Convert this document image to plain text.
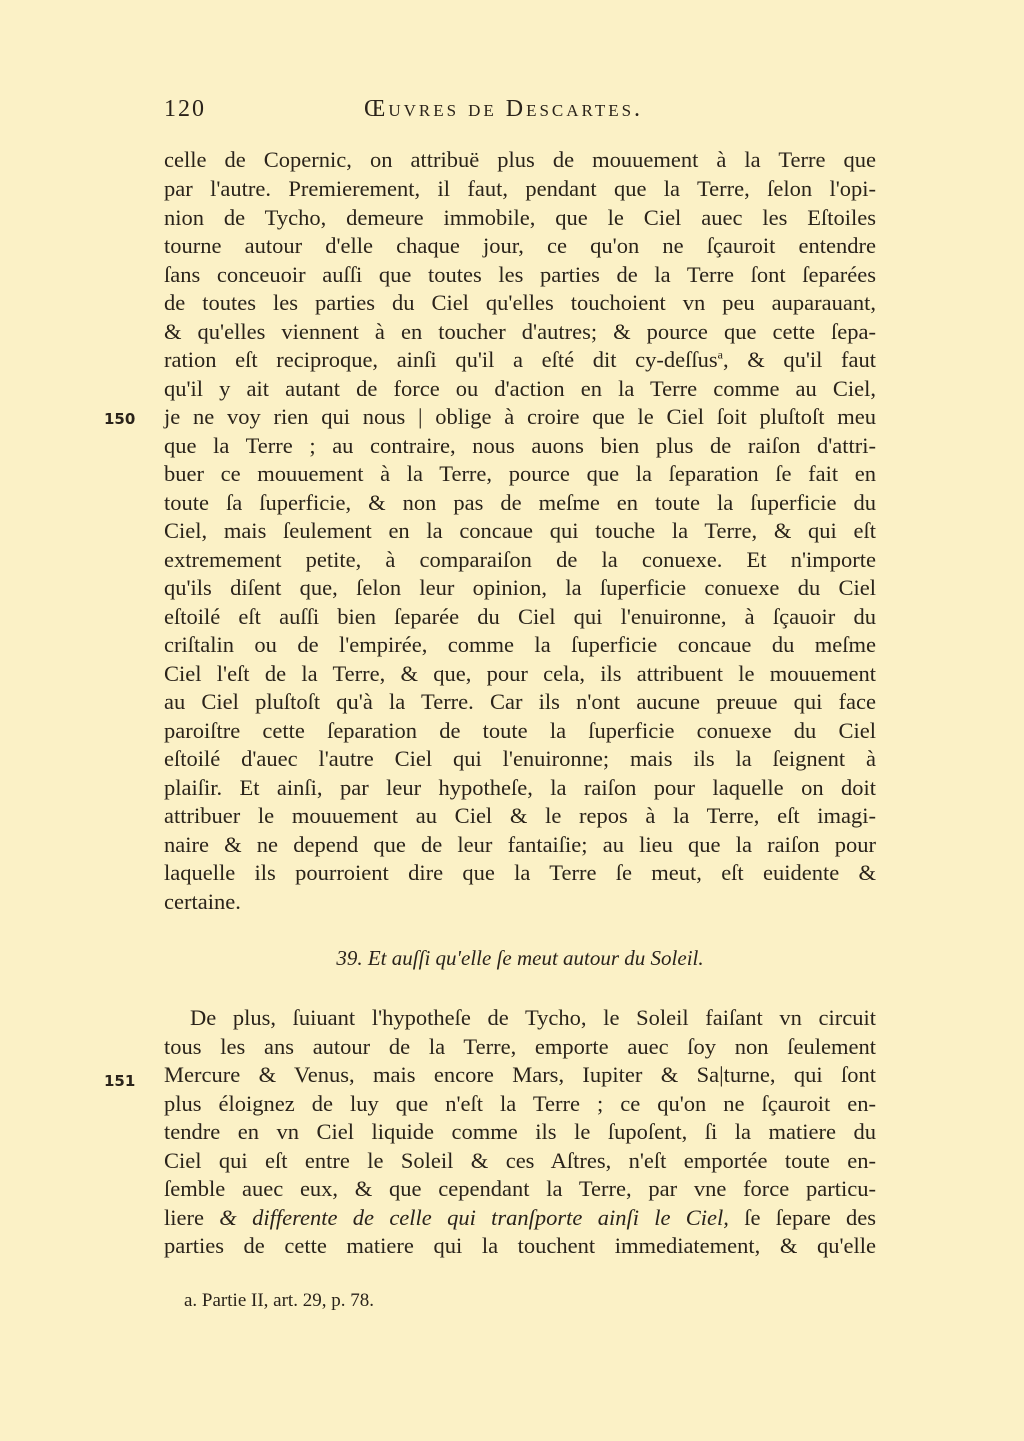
120	Œuvres de Descartes.
celle de Copernic, on attribuë plus de mouuement à la Terre que
par l'autre. Premierement, il faut, pendant que la Terre, ſelon l'opi-
nion de Tycho, demeure immobile, que le Ciel auec les Eſtoiles
tourne autour d'elle chaque jour, ce qu'on ne ſçauroit entendre
ſans conceuoir auſſi que toutes les parties de la Terre ſont ſeparées
de toutes les parties du Ciel qu'elles touchoient vn peu auparauant,
& qu'elles viennent à en toucher d'autres; & pource que cette ſepa-
ration eſt reciproque, ainſi qu'il a eſté dit cy-deſſus$^a$, & qu'il faut
qu'il y ait autant de force ou d'action en la Terre comme au Ciel,
je ne voy rien qui nous | oblige à croire que le Ciel ſoit pluſtoſt meu
que la Terre ; au contraire, nous auons bien plus de raiſon d'attri-
buer ce mouuement à la Terre, pource que la ſeparation ſe fait en
toute ſa ſuperficie, & non pas de meſme en toute la ſuperficie du
Ciel, mais ſeulement en la concaue qui touche la Terre, & qui eſt
extremement petite, à comparaiſon de la conuexe. Et n'importe
qu'ils diſent que, ſelon leur opinion, la ſuperficie conuexe du Ciel
eſtoilé eſt auſſi bien ſeparée du Ciel qui l'enuironne, à ſçauoir du
criſtalin ou de l'empirée, comme la ſuperficie concaue du meſme
Ciel l'eſt de la Terre, & que, pour cela, ils attribuent le mouuement
au Ciel pluſtoſt qu'à la Terre. Car ils n'ont aucune preuue qui face
paroiſtre cette ſeparation de toute la ſuperficie conuexe du Ciel
eſtoilé d'auec l'autre Ciel qui l'enuironne; mais ils la ſeignent à
plaiſir. Et ainſi, par leur hypotheſe, la raiſon pour laquelle on doit
attribuer le mouuement au Ciel & le repos à la Terre, eſt imagi-
naire & ne depend que de leur fantaiſie; au lieu que la raiſon pour
laquelle ils pourroient dire que la Terre ſe meut, eſt euidente &
certaine.
150
39. Et auſſi qu'elle ſe meut autour du Soleil.
De plus, ſuiuant l'hypotheſe de Tycho, le Soleil faiſant vn circuit
tous les ans autour de la Terre, emporte auec ſoy non ſeulement
Mercure & Venus, mais encore Mars, Iupiter & Sa|turne, qui ſont
plus éloignez de luy que n'eſt la Terre ; ce qu'on ne ſçauroit en-
tendre en vn Ciel liquide comme ils le ſupoſent, ſi la matiere du
Ciel qui eſt entre le Soleil & ces Aſtres, n'eſt emportée toute en-
ſemble auec eux, & que cependant la Terre, par vne force particu-
liere & differente de celle qui tranſporte ainſi le Ciel, ſe ſepare des
parties de cette matiere qui la touchent immediatement, & qu'elle
151
a. Partie II, art. 29, p. 78.
